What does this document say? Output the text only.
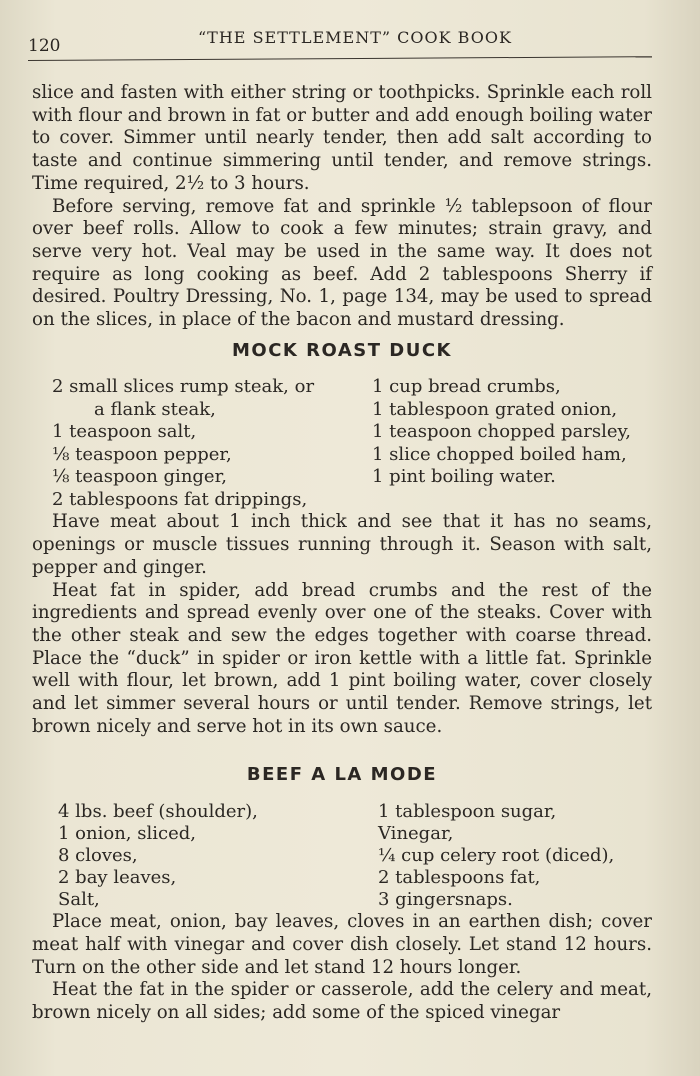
120	“THE SETTLEMENT” COOK BOOK

slice and fasten with either string or toothpicks. Sprinkle each roll with flour and brown in fat or butter and add enough boiling water to cover. Simmer until nearly tender, then add salt according to taste and continue simmering until tender, and remove strings. Time required, 2½ to 3 hours.

Before serving, remove fat and sprinkle ½ tablepsoon of flour over beef rolls. Allow to cook a few minutes; strain gravy, and serve very hot. Veal may be used in the same way. It does not require as long cooking as beef. Add 2 tablespoons Sherry if desired. Poultry Dressing, No. 1, page 134, may be used to spread on the slices, in place of the bacon and mustard dressing.

MOCK ROAST DUCK
2 small slices rump steak, or	1 cup bread crumbs,
a flank steak,	1 tablespoon grated onion,
1 teaspoon salt,	1 teaspoon chopped parsley,
⅛ teaspoon pepper,	1 slice chopped boiled ham,
⅛ teaspoon ginger,	1 pint boiling water.
2 tablespoons fat drippings,

Have meat about 1 inch thick and see that it has no seams, openings or muscle tissues running through it. Season with salt, pepper and ginger.

Heat fat in spider, add bread crumbs and the rest of the ingredients and spread evenly over one of the steaks. Cover with the other steak and sew the edges together with coarse thread. Place the “duck” in spider or iron kettle with a little fat. Sprinkle well with flour, let brown, add 1 pint boiling water, cover closely and let simmer several hours or until tender. Remove strings, let brown nicely and serve hot in its own sauce.

BEEF A LA MODE
4 lbs. beef (shoulder),	1 tablespoon sugar,
1 onion, sliced,	Vinegar,
8 cloves,	¼ cup celery root (diced),
2 bay leaves,	2 tablespoons fat,
Salt,	3 gingersnaps.

Place meat, onion, bay leaves, cloves in an earthen dish; cover meat half with vinegar and cover dish closely. Let stand 12 hours. Turn on the other side and let stand 12 hours longer.

Heat the fat in the spider or casserole, add the celery and meat, brown nicely on all sides; add some of the spiced vinegar
